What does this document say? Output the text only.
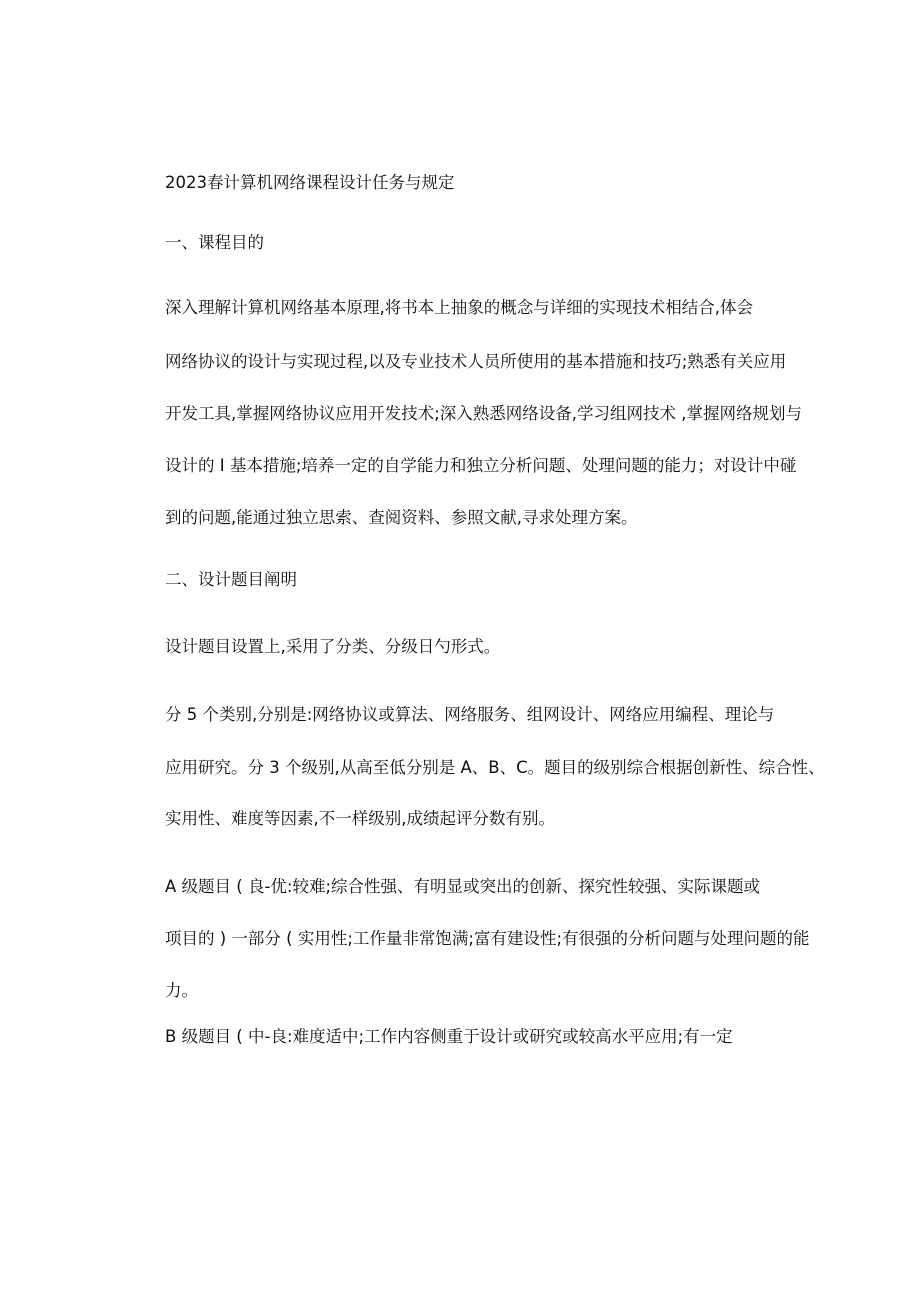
2023春计算机网络课程设计任务与规定
一、课程目的
深入理解计算机网络基本原理,将书本上抽象的概念与详细的实现技术相结合,体会
网络协议的设计与实现过程,以及专业技术人员所使用的基本措施和技巧;熟悉有关应用
开发工具,掌握网络协议应用开发技术;深入熟悉网络设备,学习组网技术 ,掌握网络规划与
设计的 I 基本措施;培养一定的自学能力和独立分析问题、处理问题的能力；对设计中碰
到的问题,能通过独立思索、查阅资料、参照文献,寻求处理方案。
二、设计题目阐明
设计题目设置上,采用了分类、分级日勺形式。
分 5 个类别,分别是:网络协议或算法、网络服务、组网设计、网络应用编程、理论与
应用研究。分 3 个级别,从高至低分别是 A、B、C。题目的级别综合根据创新性、综合性、
实用性、难度等因素,不一样级别,成绩起评分数有别。
A 级题目 ( 良-优:较难;综合性强、有明显或突出的创新、探究性较强、实际课题或
项目的 ) 一部分 ( 实用性;工作量非常饱满;富有建设性;有很强的分析问题与处理问题的能
力。
B 级题目 ( 中-良:难度适中;工作内容侧重于设计或研究或较高水平应用;有一定
